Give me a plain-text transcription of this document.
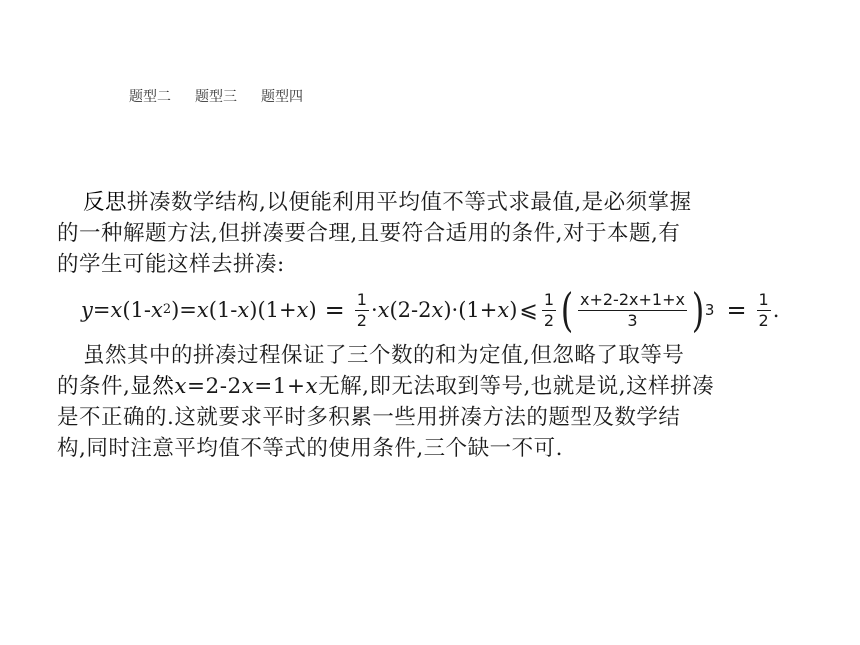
题型二 题型三 题型四
反思拼凑数学结构,以便能利用平均值不等式求最值,是必须掌握
的一种解题方法,但拼凑要合理,且要符合适用的条件,对于本题,有
的学生可能这样去拼凑:
y = x (1- x 2 )= x (1- x )(1+ x ) = $\frac{1}{2} \cdot x$ (2-2 x ) · (1+ x ) ⩽ $\frac{1}{2}$ ( $\frac{x+2-2x+1+x}{3}$ ) $3 = \frac{1}{2}$ .
虽然其中的拼凑过程保证了三个数的和为定值,但忽略了取等号
的条件,显然x=2-2x=1+x无解,即无法取到等号,也就是说,这样拼凑
是不正确的.这就要求平时多积累一些用拼凑方法的题型及数学结
构,同时注意平均值不等式的使用条件,三个缺一不可.
